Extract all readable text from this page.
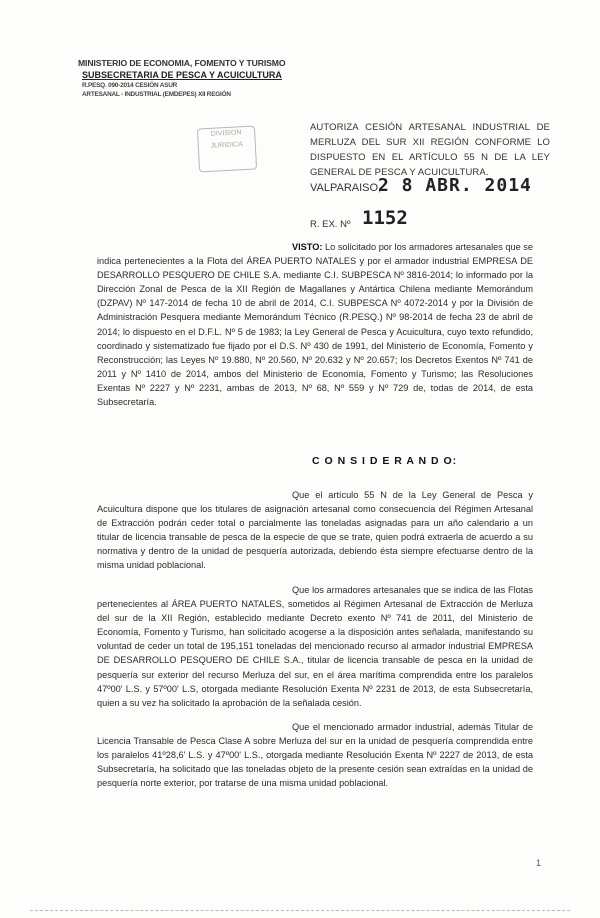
MINISTERIO DE ECONOMIA, FOMENTO Y TURISMO
SUBSECRETARIA DE PESCA Y ACUICULTURA
R.PESQ. 090-2014 CESIÓN ASUR
ARTESANAL - INDUSTRIAL (EMDEPES) XII REGIÓN
DIVISION
JURIDICA
AUTORIZA CESIÓN ARTESANAL INDUSTRIAL DE MERLUZA DEL SUR XII REGIÓN CONFORME LO DISPUESTO EN EL ARTÍCULO 55 N DE LA LEY GENERAL DE PESCA Y ACUICULTURA.
VALPARAISO,
2 8 ABR. 2014
R. EX. Nº 1152
VISTO: Lo solicitado por los armadores artesanales que se indica pertenecientes a la Flota del ÁREA PUERTO NATALES y por el armador industrial EMPRESA DE DESARROLLO PESQUERO DE CHILE S.A. mediante C.I. SUBPESCA Nº 3816-2014; lo informado por la Dirección Zonal de Pesca de la XII Región de Magallanes y Antártica Chilena mediante Memorándum (DZPAV) Nº 147-2014 de fecha 10 de abril de 2014, C.I. SUBPESCA Nº 4072-2014 y por la División de Administración Pesquera mediante Memorándum Técnico (R.PESQ.) Nº 98-2014 de fecha 23 de abril de 2014; lo dispuesto en el D.F.L. Nº 5 de 1983; la Ley General de Pesca y Acuicultura, cuyo texto refundido, coordinado y sistematizado fue fijado por el D.S. Nº 430 de 1991, del Ministerio de Economía, Fomento y Reconstrucción; las Leyes Nº 19.880, Nº 20.560, Nº 20.632 y Nº 20.657; los Decretos Exentos Nº 741 de 2011 y Nº 1410 de 2014, ambos del Ministerio de Economía, Fomento y Turismo; las Resoluciones Exentas Nº 2227 y Nº 2231, ambas de 2013, Nº 68, Nº 559 y Nº 729 de, todas de 2014, de esta Subsecretaría.
C O N S I D E R A N D O:
Que el artículo 55 N de la Ley General de Pesca y Acuicultura dispone que los titulares de asignación artesanal como consecuencia del Régimen Artesanal de Extracción podrán ceder total o parcialmente las toneladas asignadas para un año calendario a un titular de licencia transable de pesca de la especie de que se trate, quien podrá extraerla de acuerdo a su normativa y dentro de la unidad de pesquería autorizada, debiendo ésta siempre efectuarse dentro de la misma unidad poblacional.
Que los armadores artesanales que se indica de las Flotas pertenecientes al ÁREA PUERTO NATALES, sometidos al Régimen Artesanal de Extracción de Merluza del sur de la XII Región, establecido mediante Decreto exento Nº 741 de 2011, del Ministerio de Economía, Fomento y Turismo, han solicitado acogerse a la disposición antes señalada, manifestando su voluntad de ceder un total de 195,151 toneladas del mencionado recurso al armador industrial EMPRESA DE DESARROLLO PESQUERO DE CHILE S.A., titular de licencia transable de pesca en la unidad de pesquería sur exterior del recurso Merluza del sur, en el área marítima comprendida entre los paralelos 47º00' L.S. y 57º00' L.S, otorgada mediante Resolución Exenta Nº 2231 de 2013, de esta Subsecretaría, quien a su vez ha solicitado la aprobación de la señalada cesión.
Que el mencionado armador industrial, además Titular de Licencia Transable de Pesca Clase A sobre Merluza del sur en la unidad de pesquería comprendida entre los paralelos 41º28,6' L.S. y 47º00' L.S., otorgada mediante Resolución Exenta Nº 2227 de 2013, de esta Subsecretaría, ha solicitado que las toneladas objeto de la presente cesión sean extraídas en la unidad de pesquería norte exterior, por tratarse de una misma unidad poblacional.
1
